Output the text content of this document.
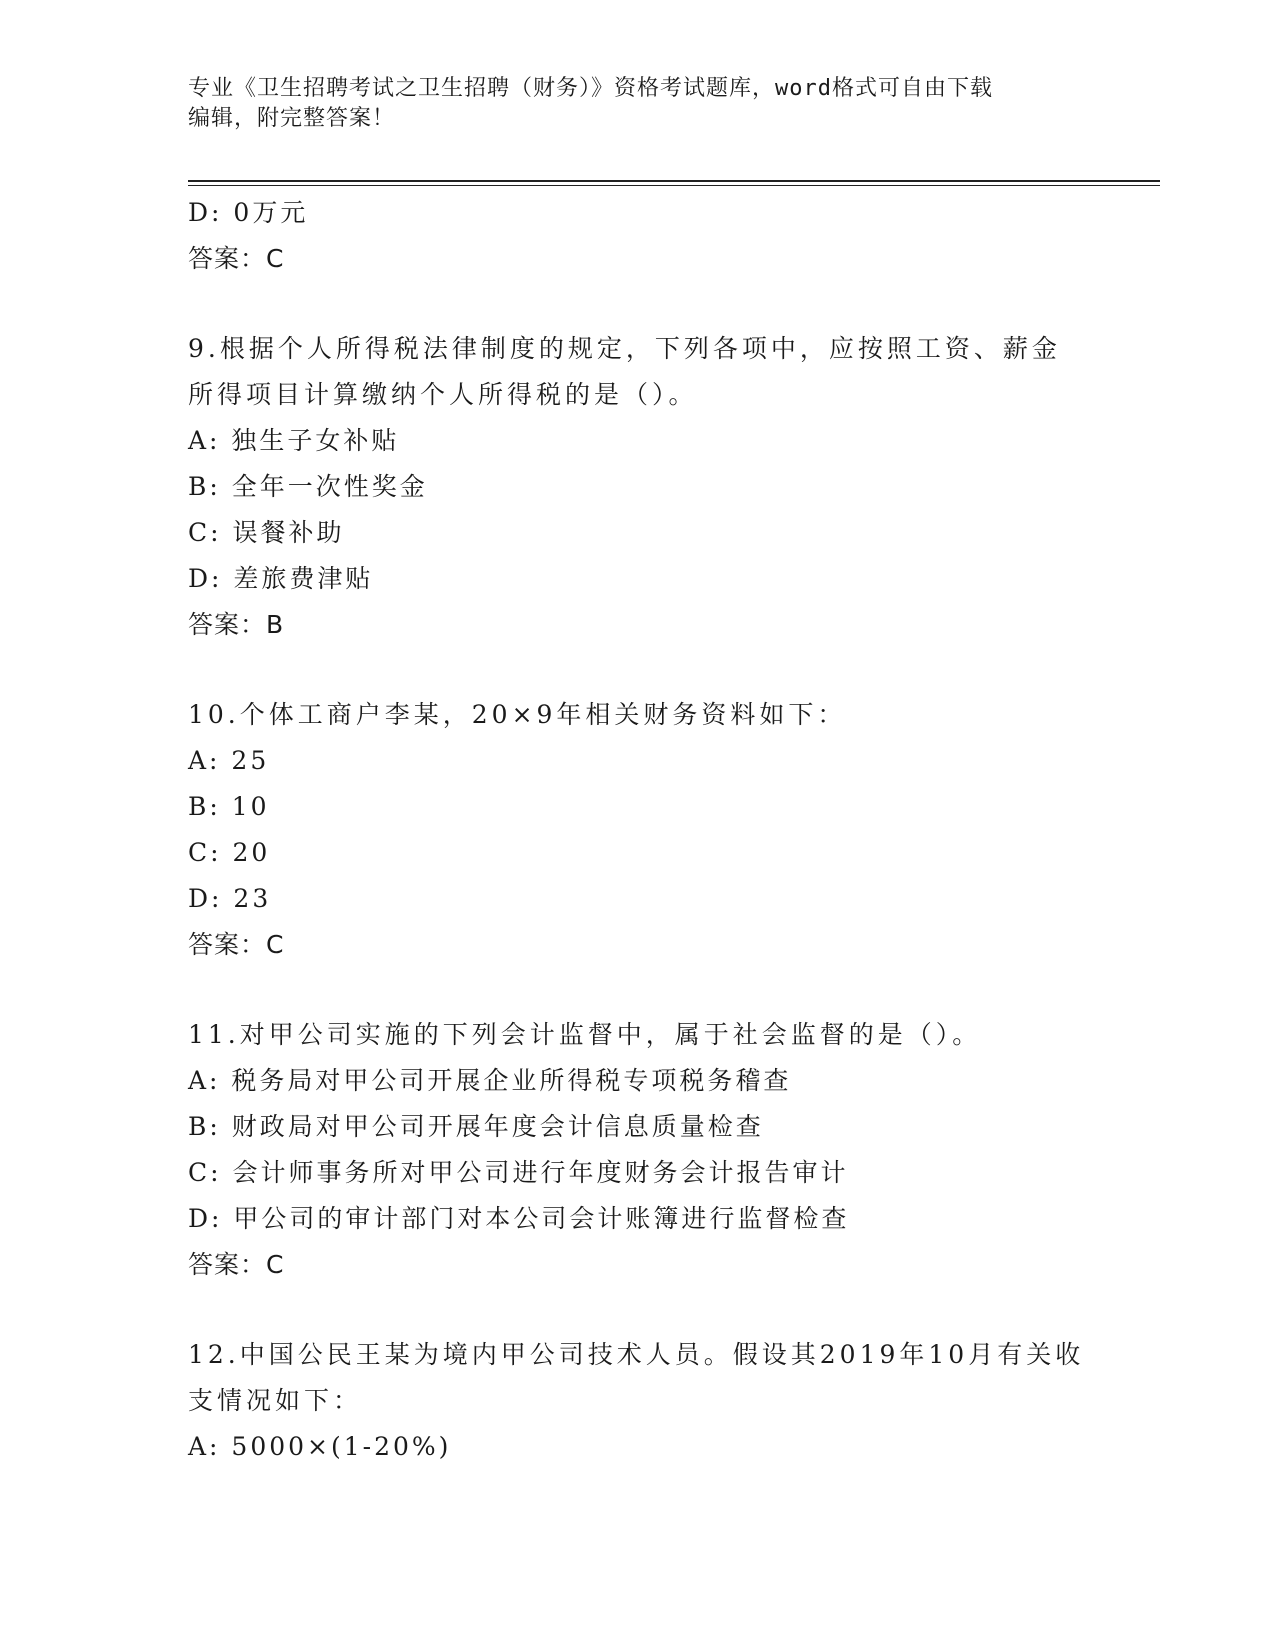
专业《卫生招聘考试之卫生招聘（财务）》资格考试题库，word格式可自由下载
编辑，附完整答案！
D: 0万元
答案：C
9.根据个人所得税法律制度的规定，下列各项中，应按照工资、薪金
所得项目计算缴纳个人所得税的是（）。
A: 独生子女补贴
B: 全年一次性奖金
C: 误餐补助
D: 差旅费津贴
答案：B
10.个体工商户李某，20×9年相关财务资料如下：
A: 25
B: 10
C: 20
D: 23
答案：C
11.对甲公司实施的下列会计监督中，属于社会监督的是（）。
A: 税务局对甲公司开展企业所得税专项税务稽查
B: 财政局对甲公司开展年度会计信息质量检查
C: 会计师事务所对甲公司进行年度财务会计报告审计
D: 甲公司的审计部门对本公司会计账簿进行监督检查
答案：C
12.中国公民王某为境内甲公司技术人员。假设其2019年10月有关收
支情况如下：
A: 5000×(1-20%)
